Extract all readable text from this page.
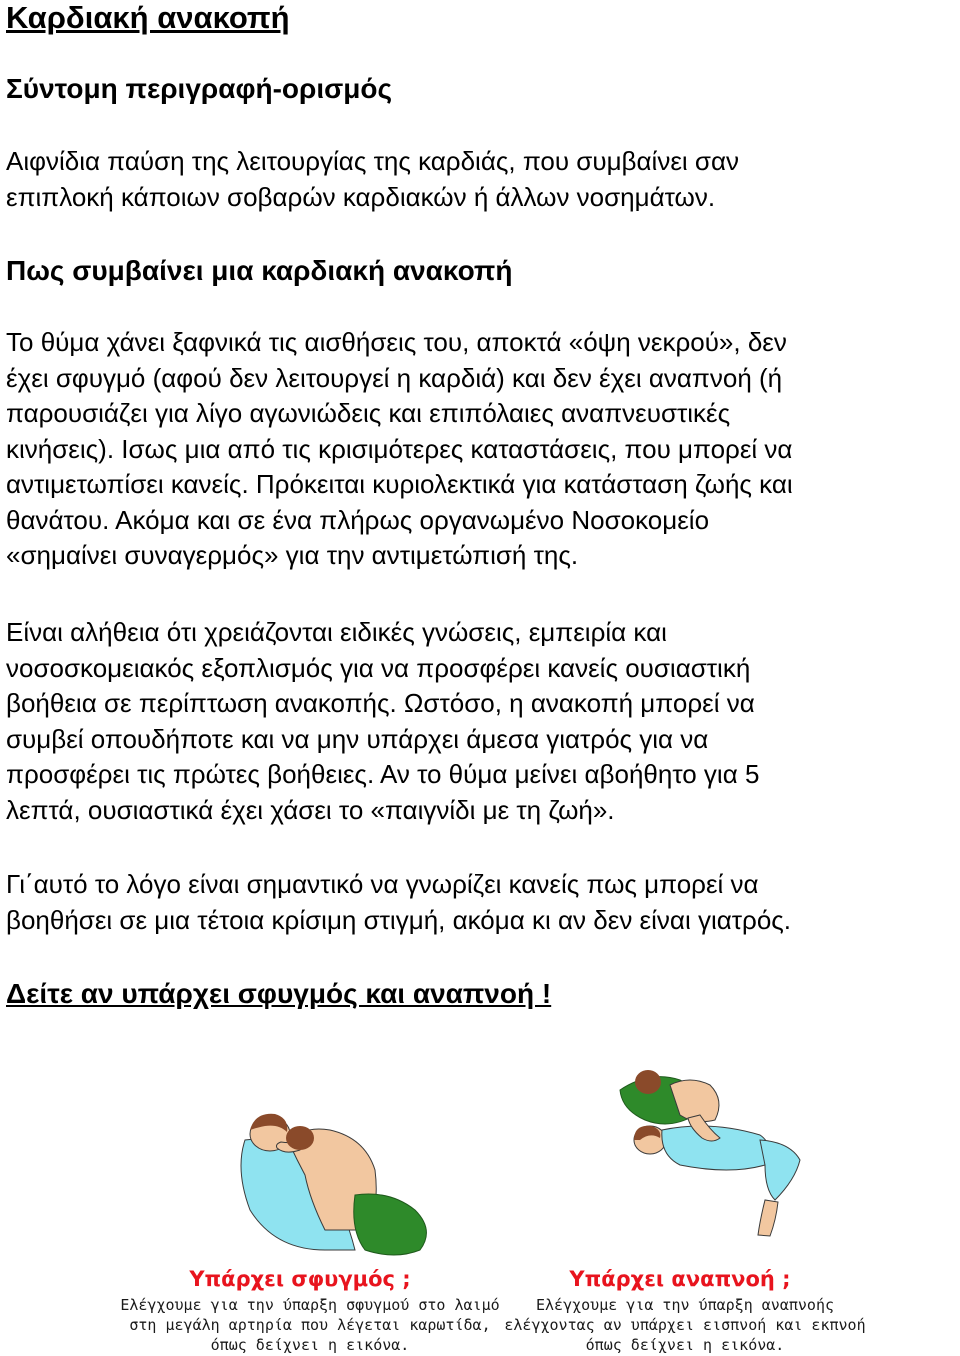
Καρδιακή ανακοπή
Σύντομη περιγραφή-ορισμός
Αιφνίδια παύση της λειτουργίας της καρδιάς, που συμβαίνει σαν
επιπλοκή κάποιων σοβαρών καρδιακών ή άλλων νοσημάτων.
Πως συμβαίνει μια καρδιακή ανακοπή
Το θύμα χάνει ξαφνικά τις αισθήσεις του, αποκτά «όψη νεκρού», δεν
έχει σφυγμό (αφού δεν λειτουργεί η καρδιά) και δεν έχει αναπνοή (ή
παρουσιάζει για λίγο αγωνιώδεις και επιπόλαιες αναπνευστικές
κινήσεις). Ισως μια από τις κρισιμότερες καταστάσεις, που μπορεί να
αντιμετωπίσει κανείς. Πρόκειται κυριολεκτικά για κατάσταση ζωής και
θανάτου. Ακόμα και σε ένα πλήρως οργανωμένο Νοσοκομείο
«σημαίνει συναγερμός» για την αντιμετώπισή της.
Είναι αλήθεια ότι χρειάζονται ειδικές γνώσεις, εμπειρία και
νοσοσκομειακός εξοπλισμός για να προσφέρει κανείς ουσιαστική
βοήθεια σε περίπτωση ανακοπής. Ωστόσο, η ανακοπή μπορεί να
συμβεί οπουδήποτε και να μην υπάρχει άμεσα γιατρός για να
προσφέρει τις πρώτες βοήθειες. Αν το θύμα μείνει αβοήθητο για 5
λεπτά, ουσιαστικά έχει χάσει το «παιγνίδι με τη ζωή».
Γι΄αυτό το λόγο είναι σημαντικό να γνωρίζει κανείς πως μπορεί να
βοηθήσει σε μια τέτοια κρίσιμη στιγμή, ακόμα κι αν δεν είναι γιατρός.
Δείτε αν υπάρχει σφυγμός και αναπνοή !
Υπάρχει σφυγμός ;
Ελέγχουμε για την ύπαρξη σφυγμού στο λαιμό
στη μεγάλη αρτηρία που λέγεται καρωτίδα,
όπως δείχνει η εικόνα.
Υπάρχει αναπνοή ;
Ελέγχουμε για την ύπαρξη αναπνοής
ελέγχοντας αν υπάρχει εισπνοή και εκπνοή
όπως δείχνει η εικόνα.
